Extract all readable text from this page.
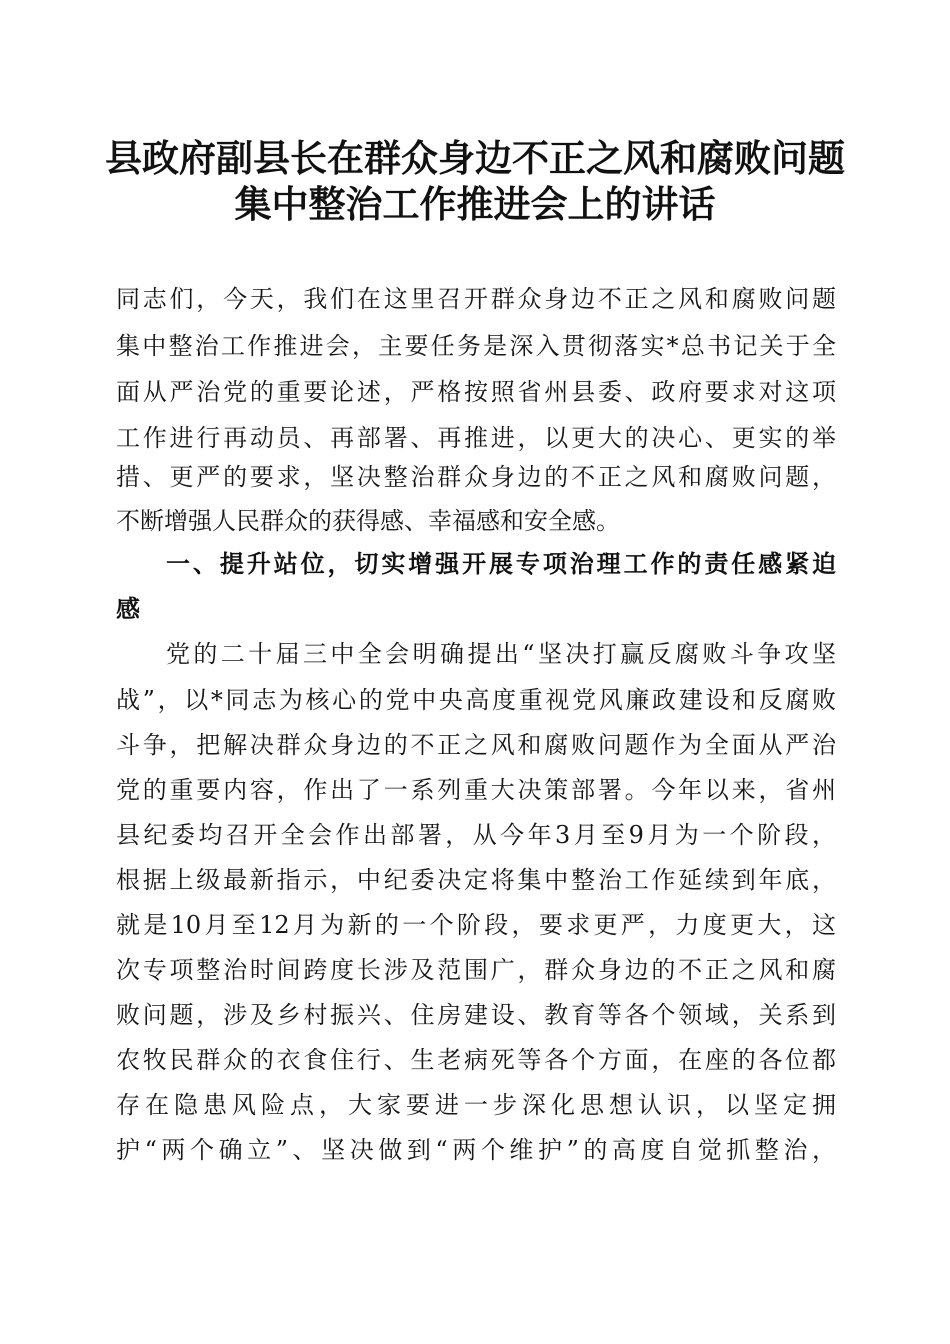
县政府副县长在群众身边不正之风和腐败问题
集中整治工作推进会上的讲话
同志们，今天，我们在这里召开群众身边不正之风和腐败问题
集中整治工作推进会，主要任务是深入贯彻落实*总书记关于全
面从严治党的重要论述，严格按照省州县委、政府要求对这项
工作进行再动员、再部署、再推进，以更大的决心、更实的举
措、更严的要求，坚决整治群众身边的不正之风和腐败问题，
不断增强人民群众的获得感、幸福感和安全感。
一、提升站位，切实增强开展专项治理工作的责任感紧迫
感
党的二十届三中全会明确提出“坚决打赢反腐败斗争攻坚
战”，以*同志为核心的党中央高度重视党风廉政建设和反腐败
斗争，把解决群众身边的不正之风和腐败问题作为全面从严治
党的重要内容，作出了一系列重大决策部署。今年以来，省州
县纪委均召开全会作出部署，从今年3月至9月为一个阶段，
根据上级最新指示，中纪委决定将集中整治工作延续到年底，
就是10月至12月为新的一个阶段，要求更严，力度更大，这
次专项整治时间跨度长涉及范围广，群众身边的不正之风和腐
败问题，涉及乡村振兴、住房建设、教育等各个领域，关系到
农牧民群众的衣食住行、生老病死等各个方面，在座的各位都
存在隐患风险点，大家要进一步深化思想认识，以坚定拥
护“两个确立”、坚决做到“两个维护”的高度自觉抓整治，
